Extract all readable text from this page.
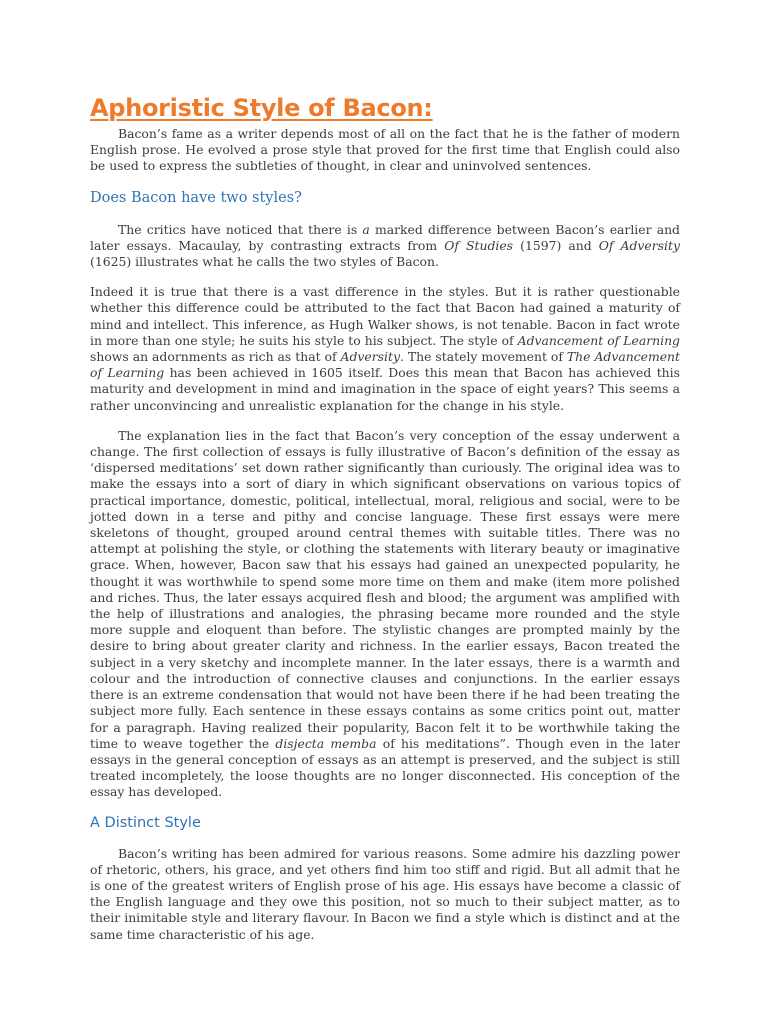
Aphoristic Style of Bacon:

Bacon’s fame as a writer depends most of all on the fact that he is the father of modern English prose. He evolved a prose style that proved for the first time that English could also be used to express the subtleties of thought, in clear and uninvolved sentences.

Does Bacon have two styles?

The critics have noticed that there is a marked difference between Bacon’s earlier and later essays. Macaulay, by contrasting extracts from Of Studies (1597) and Of Adversity (1625) illustrates what he calls the two styles of Bacon.

Indeed it is true that there is a vast difference in the styles. But it is rather questionable whether this difference could be attributed to the fact that Bacon had gained a maturity of mind and intellect. This inference, as Hugh Walker shows, is not tenable. Bacon in fact wrote in more than one style; he suits his style to his subject. The style of Advancement of Learning shows an adornments as rich as that of Adversity. The stately movement of The Advancement of Learning has been achieved in 1605 itself. Does this mean that Bacon has achieved this maturity and development in mind and imagination in the space of eight years? This seems a rather unconvincing and unrealistic explanation for the change in his style.

The explanation lies in the fact that Bacon’s very conception of the essay underwent a change. The first collection of essays is fully illustrative of Bacon’s definition of the essay as ‘dispersed meditations’ set down rather significantly than curiously. The original idea was to make the essays into a sort of diary in which significant observations on various topics of practical importance, domestic, political, intellectual, moral, religious and social, were to be jotted down in a terse and pithy and concise language. These first essays were mere skeletons of thought, grouped around central themes with suitable titles. There was no attempt at polishing the style, or clothing the statements with literary beauty or imaginative grace. When, however, Bacon saw that his essays had gained an unexpected popularity, he thought it was worthwhile to spend some more time on them and make (item more polished and riches. Thus, the later essays acquired flesh and blood; the argument was amplified with the help of illustrations and analogies, the phrasing became more rounded and the style more supple and eloquent than before. The stylistic changes are prompted mainly by the desire to bring about greater clarity and richness. In the earlier essays, Bacon treated the subject in a very sketchy and incomplete manner. In the later essays, there is a warmth and colour and the introduction of connective clauses and conjunctions. In the earlier essays there is an extreme condensation that would not have been there if he had been treating the subject more fully. Each sentence in these essays contains as some critics point out, matter for a paragraph. Having realized their popularity, Bacon felt it to be worthwhile taking the time to weave together the disjecta memba of his meditations”. Though even in the later essays in the general conception of essays as an attempt is preserved, and the subject is still treated incompletely, the loose thoughts are no longer disconnected. His conception of the essay has developed.

A Distinct Style

Bacon’s writing has been admired for various reasons. Some admire his dazzling power of rhetoric, others, his grace, and yet others find him too stiff and rigid. But all admit that he is one of the greatest writers of English prose of his age. His essays have become a classic of the English language and they owe this position, not so much to their subject matter, as to their inimitable style and literary flavour. In Bacon we find a style which is distinct and at the same time characteristic of his age.
